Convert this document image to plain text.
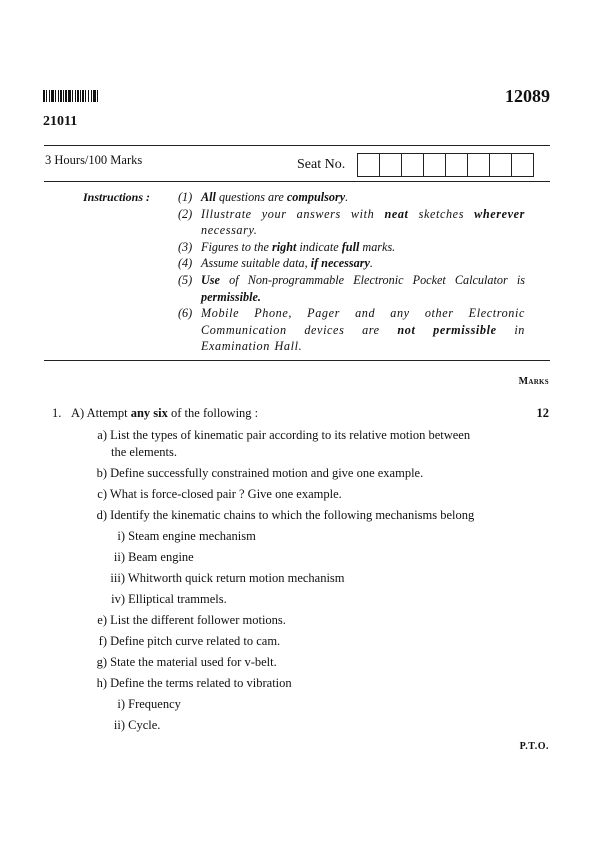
12089
21011
3 Hours/100 Marks	Seat No.
Instructions : (1) All questions are compulsory.
(2) Illustrate your answers with neat sketches wherever necessary.
(3) Figures to the right indicate full marks.
(4) Assume suitable data, if necessary.
(5) Use of Non-programmable Electronic Pocket Calculator is permissible.
(6) Mobile Phone, Pager and any other Electronic Communication devices are not permissible in Examination Hall.
Marks
1. A) Attempt any six of the following :	12
a) List the types of kinematic pair according to its relative motion between
the elements.
b) Define successfully constrained motion and give one example.
c) What is force-closed pair ? Give one example.
d) Identify the kinematic chains to which the following mechanisms belong
i) Steam engine mechanism
ii) Beam engine
iii) Whitworth quick return motion mechanism
iv) Elliptical trammels.
e) List the different follower motions.
f) Define pitch curve related to cam.
g) State the material used for v-belt.
h) Define the terms related to vibration
i) Frequency
ii) Cycle.
P.T.O.
